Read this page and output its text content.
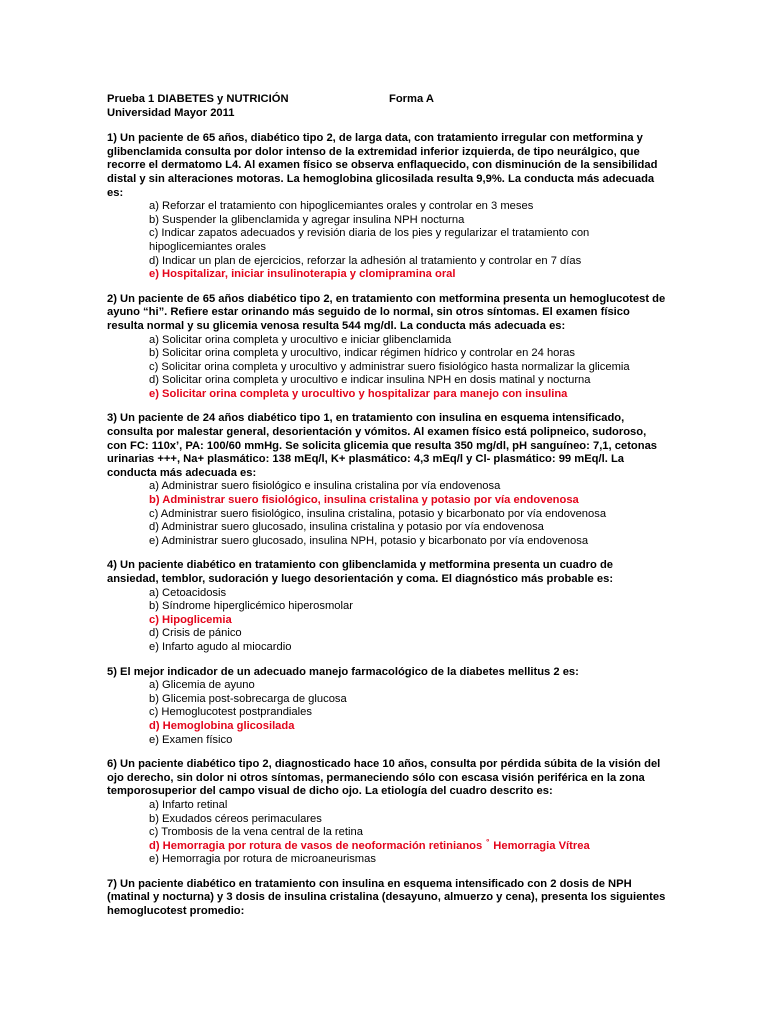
Prueba 1 DIABETES y NUTRICIÓN	Forma A
Universidad Mayor 2011
1) Un paciente de 65 años, diabético tipo 2, de larga data, con tratamiento irregular con metformina y glibenclamida consulta por dolor intenso de la extremidad inferior izquierda, de tipo neurálgico, que recorre el dermatomo L4. Al examen físico se observa enflaquecido, con disminución de la sensibilidad distal y sin alteraciones motoras. La hemoglobina glicosilada resulta 9,9%. La conducta más adecuada es:
a) Reforzar el tratamiento con hipoglicemiantes orales y controlar en 3 meses
b) Suspender la glibenclamida y agregar insulina NPH nocturna
c) Indicar zapatos adecuados y revisión diaria de los pies y regularizar el tratamiento con hipoglicemiantes orales
d) Indicar un plan de ejercicios, reforzar la adhesión al tratamiento y controlar en 7 días
e) Hospitalizar, iniciar insulinoterapia y clomipramina oral
2) Un paciente de 65 años diabético tipo 2, en tratamiento con metformina presenta un hemoglucotest de ayuno “hi”. Refiere estar orinando más seguido de lo normal, sin otros síntomas. El examen físico resulta normal y su glicemia venosa resulta 544 mg/dl. La conducta más adecuada es:
a) Solicitar orina completa y urocultivo e iniciar glibenclamida
b) Solicitar orina completa y urocultivo, indicar régimen hídrico y controlar en 24 horas
c) Solicitar orina completa y urocultivo y administrar suero fisiológico hasta normalizar la glicemia
d) Solicitar orina completa y urocultivo e indicar insulina NPH en dosis matinal y nocturna
e) Solicitar orina completa y urocultivo y hospitalizar para manejo con insulina
3) Un paciente de 24 años diabético tipo 1, en tratamiento con insulina en esquema intensificado, consulta por malestar general, desorientación y vómitos. Al examen físico está polipneico, sudoroso, con FC: 110x’, PA: 100/60 mmHg. Se solicita glicemia que resulta 350 mg/dl, pH sanguíneo: 7,1, cetonas urinarias +++, Na+ plasmático: 138 mEq/l, K+ plasmático: 4,3 mEq/l y Cl- plasmático: 99 mEq/l. La conducta más adecuada es:
a) Administrar suero fisiológico e insulina cristalina por vía endovenosa
b) Administrar suero fisiológico, insulina cristalina y potasio por vía endovenosa
c) Administrar suero fisiológico, insulina cristalina, potasio y bicarbonato por vía endovenosa
d) Administrar suero glucosado, insulina cristalina y potasio por vía endovenosa
e) Administrar suero glucosado, insulina NPH, potasio y bicarbonato por vía endovenosa
4) Un paciente diabético en tratamiento con glibenclamida y metformina presenta un cuadro de ansiedad, temblor, sudoración y luego desorientación y coma. El diagnóstico más probable es:
a) Cetoacidosis
b) Síndrome hiperglicémico hiperosmolar
c) Hipoglicemia
d) Crisis de pánico
e) Infarto agudo al miocardio
5) El mejor indicador de un adecuado manejo farmacológico de la diabetes mellitus 2 es:
a) Glicemia de ayuno
b) Glicemia post-sobrecarga de glucosa
c) Hemoglucotest postprandiales
d) Hemoglobina glicosilada
e) Examen físico
6) Un paciente diabético tipo 2, diagnosticado hace 10 años, consulta por pérdida súbita de la visión del ojo derecho, sin dolor ni otros síntomas, permaneciendo sólo con escasa visión periférica en la zona temporosuperior del campo visual de dicho ojo. La etiología del cuadro descrito es:
a) Infarto retinal
b) Exudados céreos perimaculares
c) Trombosis de la vena central de la retina
d) Hemorragia por rotura de vasos de neoformación retinianos $^{^0}$ Hemorragia Vítrea
e) Hemorragia por rotura de microaneurismas
7) Un paciente diabético en tratamiento con insulina en esquema intensificado con 2 dosis de NPH (matinal y nocturna) y 3 dosis de insulina cristalina (desayuno, almuerzo y cena), presenta los siguientes hemoglucotest promedio:
